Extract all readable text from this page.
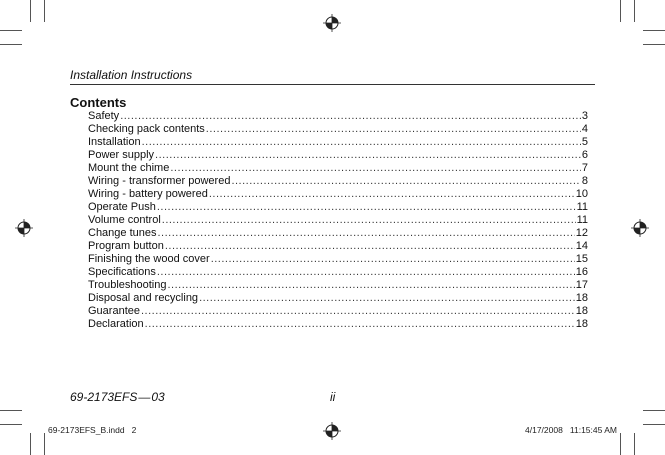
Installation Instructions
Contents
Safety .....	3
Checking pack contents .....	4
Installation .....	5
Power supply .....	6
Mount the chime .....	7
Wiring - transformer powered .....	8
Wiring - battery powered .....	10
Operate Push .....	11
Volume control .....	11
Change tunes .....	12
Program button .....	14
Finishing the wood cover .....	15
Specifications .....	16
Troubleshooting .....	17
Disposal and recycling .....	18
Guarantee .....	18
Declaration .....	18
69-2173EFS — 03	ii
69-2173EFS_B.indd   2	4/17/2008   11:15:45 AM
